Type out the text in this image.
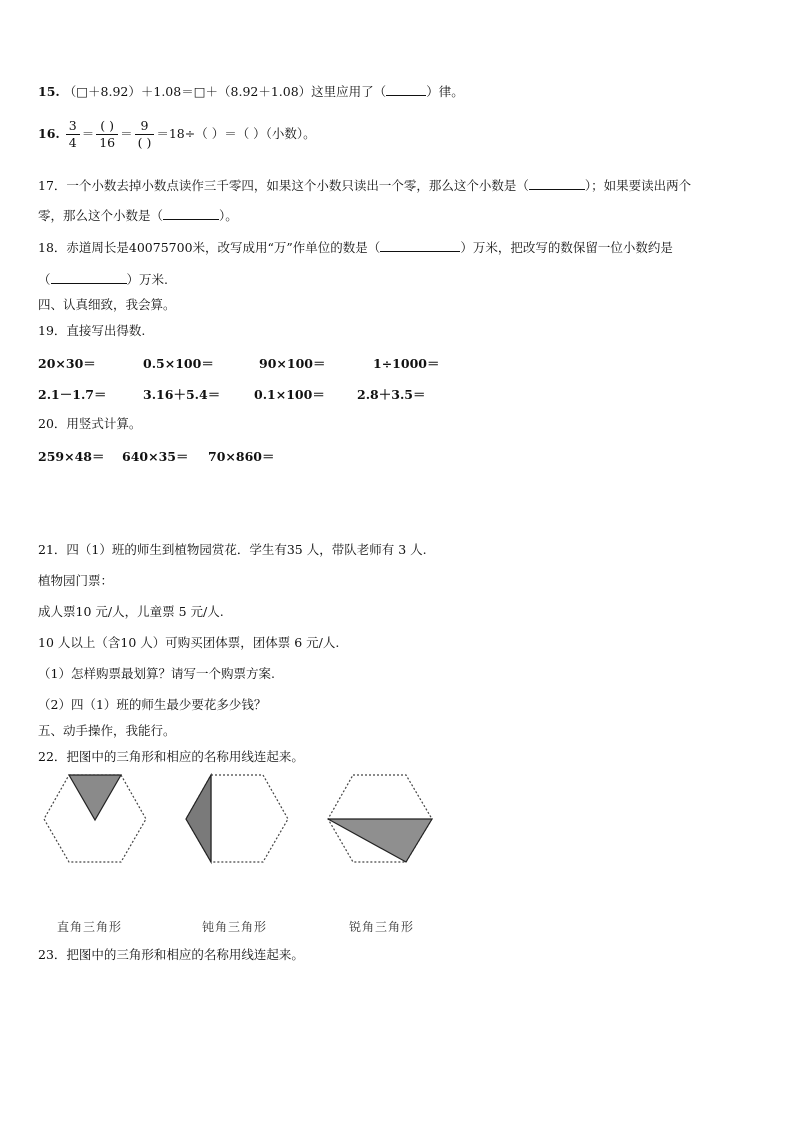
15. （□＋8.92）＋1.08＝□＋（8.92＋1.08）这里应用了（	）律。
16. $\frac{3}{4} = \frac{( )}{16} = \frac{9}{( )} =18\div$（ ）＝（ ）（小数）。
17．一个小数去掉小数点读作三千零四，如果这个小数只读出一个零，那么这个小数是（	）；如果要读出两个
零，那么这个小数是（	）。
18．赤道周长是40075700米，改写成用“万”作单位的数是（	）万米，把改写的数保留一位小数约是
（	）万米.
四、认真细致，我会算。
19．直接写出得数.
20×30＝	0.5×100＝	90×100＝	1÷1000＝
2.1－1.7＝	3.16＋5.4＝	0.1×100＝	2.8＋3.5＝
20．用竖式计算。
259×48＝ 640×35＝ 70×860＝
21．四（1）班的师生到植物园赏花．学生有35 人，带队老师有 3 人.
植物园门票：
成人票10 元/人，儿童票 5 元/人.
10 人以上（含10 人）可购买团体票，团体票 6 元/人.
（1）怎样购票最划算？请写一个购票方案.
（2）四（1）班的师生最少要花多少钱？
五、动手操作，我能行。
22．把图中的三角形和相应的名称用线连起来。
直角三角形	钝角三角形	锐角三角形
23．把图中的三角形和相应的名称用线连起来。
